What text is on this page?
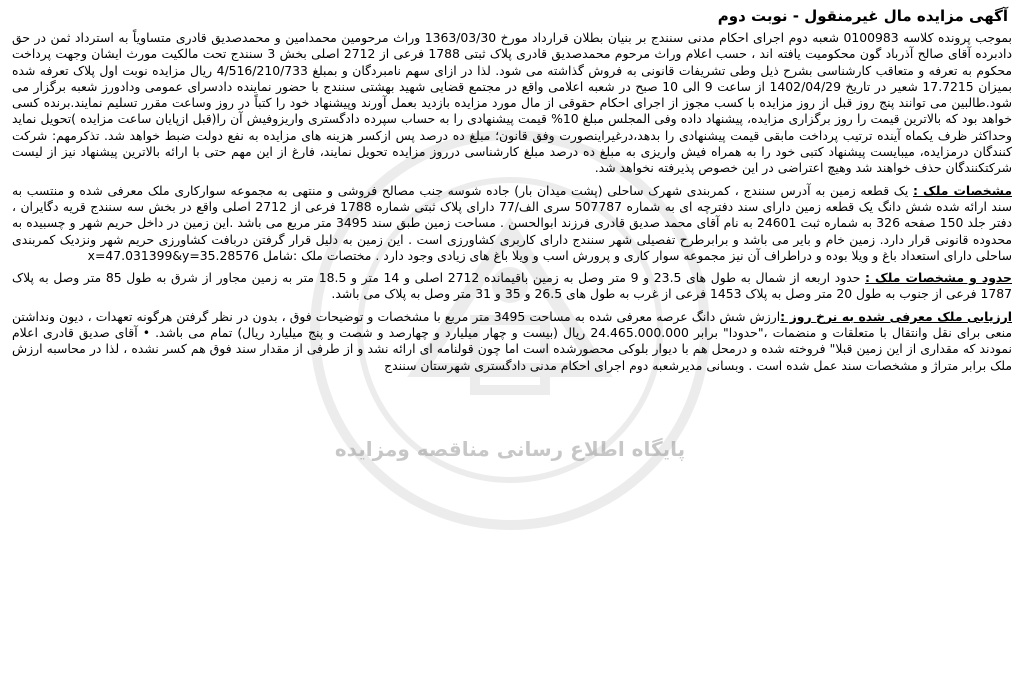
پایگاه اطلاع رسانی مناقصه ومزایده
آگهی مزایده مال غیرمنقول - نوبت دوم

بموجب پرونده کلاسه 0100983 شعبه دوم اجرای احکام مدنی سنندج بر بنیان بطلان قرارداد مورخ 1363/03/30 وراث مرحومین محمدامین و محمدصدیق قادری متساویاً به استرداد ثمن در حق دادبرده آقای صالح آذرباد گون محکومیت یافته اند ، حسب اعلام وراث مرحوم محمدصدیق قادری پلاک ثبتی 1788 فرعی از 2712 اصلی بخش 3 سنندج تحت مالکیت مورث ایشان وجهت پرداخت محکوم به تعرفه و متعاقب کارشناسی بشرح ذیل وطی تشریفات قانونی به فروش گذاشته می شود. لذا در ازای سهم نامبردگان و بمبلغ 4/516/210/733 ریال مزایده نوبت اول پلاک تعرفه شده بمیزان 17.7215 شعیر در تاریخ 1402/04/29 از ساعت 9 الی 10 صبح در شعبه اعلامی واقع در مجتمع قضایی شهید بهشتی سنندج با حضور نماینده دادسرای عمومی ودادورز شعبه برگزار می شود.طالبین می توانند پنج روز قبل از روز مزایده با کسب مجوز از اجرای احکام حقوقی از مال مورد مزایده بازدید بعمل آورند وپیشنهاد خود را کتباً در روز وساعت مقرر تسلیم نمایند.برنده کسی خواهد بود که بالاترین قیمت را روز برگزاری مزایده، پیشنهاد داده وفی المجلس مبلغ 10% قیمت پیشنهادی را به حساب سپرده دادگستری واریزوفیش آن را(قبل ازپایان ساعت مزایده )تحویل نماید وحداکثر ظرف یکماه آینده ترتیب پرداخت مابقی قیمت پیشنهادی را بدهد،درغیراینصورت وفق قانون؛ مبلغ ده درصد پس ازکسر هزینه های مزایده به نفع دولت ضبط خواهد شد. تذکرمهم: شرکت کنندگان درمزایده، میبایست پیشنهاد کتبی خود را به همراه فیش واریزی به مبلغ ده درصد مبلغ کارشناسی درروز مزایده تحویل نمایند، فارغ از این مهم حتی با ارائه بالاترین پیشنهاد نیز از لیست شرکتکنندگان حذف خواهند شد وهیچ اعتراضی در این خصوص پذیرفته نخواهد شد.

مشخصات ملک : یک قطعه زمین به آدرس سنندج ، کمربندی شهرک ساحلی (پشت میدان بار) جاده شوسه جنب مصالح فروشی و منتهی به مجموعه سوارکاری ملک معرفی شده و منتسب به سند ارائه شده شش دانگ یک قطعه زمین دارای سند دفترچه ای به شماره 507787 سری الف/77 دارای پلاک ثبتی شماره 1788 فرعی از 2712 اصلی واقع در بخش سه سنندج قریه دگایران ، دفتر جلد 150 صفحه 326 به شماره ثبت 24601 به نام آقای محمد صدیق قادری فرزند ابوالحسن . مساحت زمین طبق سند 3495 متر مربع می باشد .این زمین در داخل حریم شهر و چسبیده به محدوده قانونی قرار دارد. زمین خام و بایر می باشد و برابرطرح تفصیلی شهر سنندج دارای کاربری کشاورزی است . این زمین به دلیل قرار گرفتن دربافت کشاورزی حریم شهر ونزدیک کمربندی ساحلی دارای استعداد باغ و ویلا بوده و دراطراف آن نیز مجموعه سوار کاری و پرورش اسب و ویلا باغ های زیادی وجود دارد . مختصات ملک :شامل x=47.031399&y=35.28576

حدود و مشخصات ملک : حدود اربعه از شمال به طول های 23.5 و 9 متر وصل به زمین باقیمانده 2712 اصلی و 14 متر و 18.5 متر به زمین مجاور از شرق به طول 85 متر وصل به پلاک 1787 فرعی از جنوب به طول 20 متر وصل به پلاک 1453 فرعی از غرب به طول های 26.5 و 35 و 31 متر وصل به پلاک می باشد.

ارزیابی ملک معرفی شده به نرخ روز :ارزش شش دانگ عرصه معرفی شده به مساحت 3495 متر مربع با مشخصات و توضیحات فوق ، بدون در نظر گرفتن هرگونه تعهدات ، دیون ونداشتن منعی برای نقل وانتقال با متعلقات و منضمات ،"حدودا" برابر 24.465.000.000 ریال (بیست و چهار میلیارد و چهارصد و شصت و پنج میلیارد ریال) تمام می باشد. • آقای صدیق قادری اعلام نمودند که مقداری از این زمین قبلا" فروخته شده و درمحل هم با دیوار بلوکی محصورشده است اما چون قولنامه ای ارائه نشد و از طرفی از مقدار سند فوق هم کسر نشده ، لذا در محاسبه ارزش ملک برابر متراژ و مشخصات سند عمل شده است . وبسانی مدیرشعبه دوم اجرای احکام مدنی دادگستری شهرستان سنندج
